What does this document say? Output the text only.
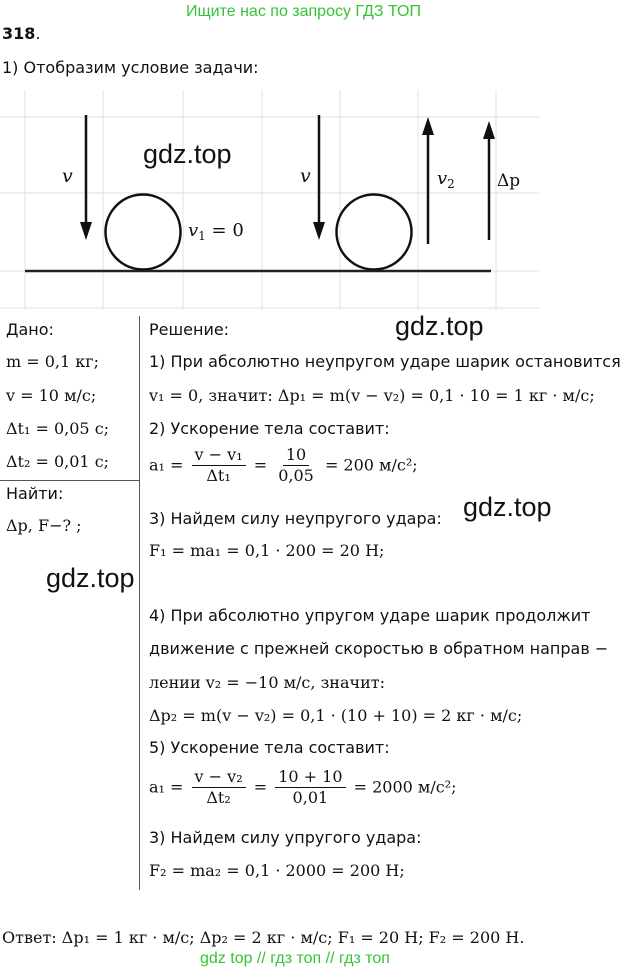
Ищите нас по запросу ГДЗ ТОП
318.
1) Отобразим условие задачи:
v
$v_1 = 0$
v	$v_2$ Δp
gdz.top
gdz.top
gdz.top
gdz.top
Дано:
m = 0,1 кг;
v = 10 м/с;
Δt₁ = 0,05 с;
Δt₂ = 0,01 с;
Найти:
Δp, F−? ;
Решение:
1) При абсолютно неупругом ударе шарик остановится
v₁ = 0, значит: Δp₁ = m(v − v₂) = 0,1 · 10 = 1 кг · м/с;
2) Ускорение тела составит:
$a_1 = \frac{\text{v − v₁}}{\text{Δt₁}} = \frac{10}{0,05} = 200$ м/с²;
3) Найдем силу неупругого удара:
F₁ = ma₁ = 0,1 · 200 = 20 Н;
4) При абсолютно упругом ударе шарик продолжит
движение с прежней скоростью в обратном направ −
лении v₂ = −10 м/с, значит:
Δp₂ = m(v − v₂) = 0,1 · (10 + 10) = 2 кг · м/с;
5) Ускорение тела составит:
$a_1 = \frac{\text{v − v₂}}{\text{Δt₂}} = \frac{10 + 10}{0,01} = 2000$ м/с²;
3) Найдем силу упругого удара:
F₂ = ma₂ = 0,1 · 2000 = 200 Н;
Ответ: Δp₁ = 1 кг · м/с; Δp₂ = 2 кг · м/с; F₁ = 20 Н; F₂ = 200 Н.
gdz top // гдз топ // гдз топ
